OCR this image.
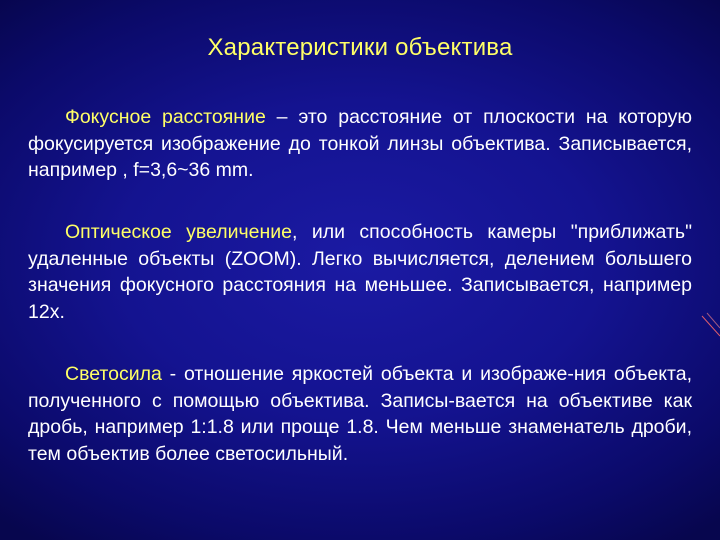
Характеристики объектива
Фокусное расстояние – это расстояние от плоскости на которую фокусируется изображение до тонкой линзы объектива. Записывается, например , f=3,6~36 mm.
Оптическое увеличение, или способность камеры "приближать" удаленные объекты (ZOOM). Легко вычисляется, делением большего значения фокусного расстояния на меньшее. Записывается, например 12x.
Светосила - отношение яркостей объекта и изображе-ния объекта, полученного с помощью объектива. Записы-вается на объективе как дробь, например 1:1.8 или проще 1.8. Чем меньше знаменатель дроби, тем объектив более светосильный.
